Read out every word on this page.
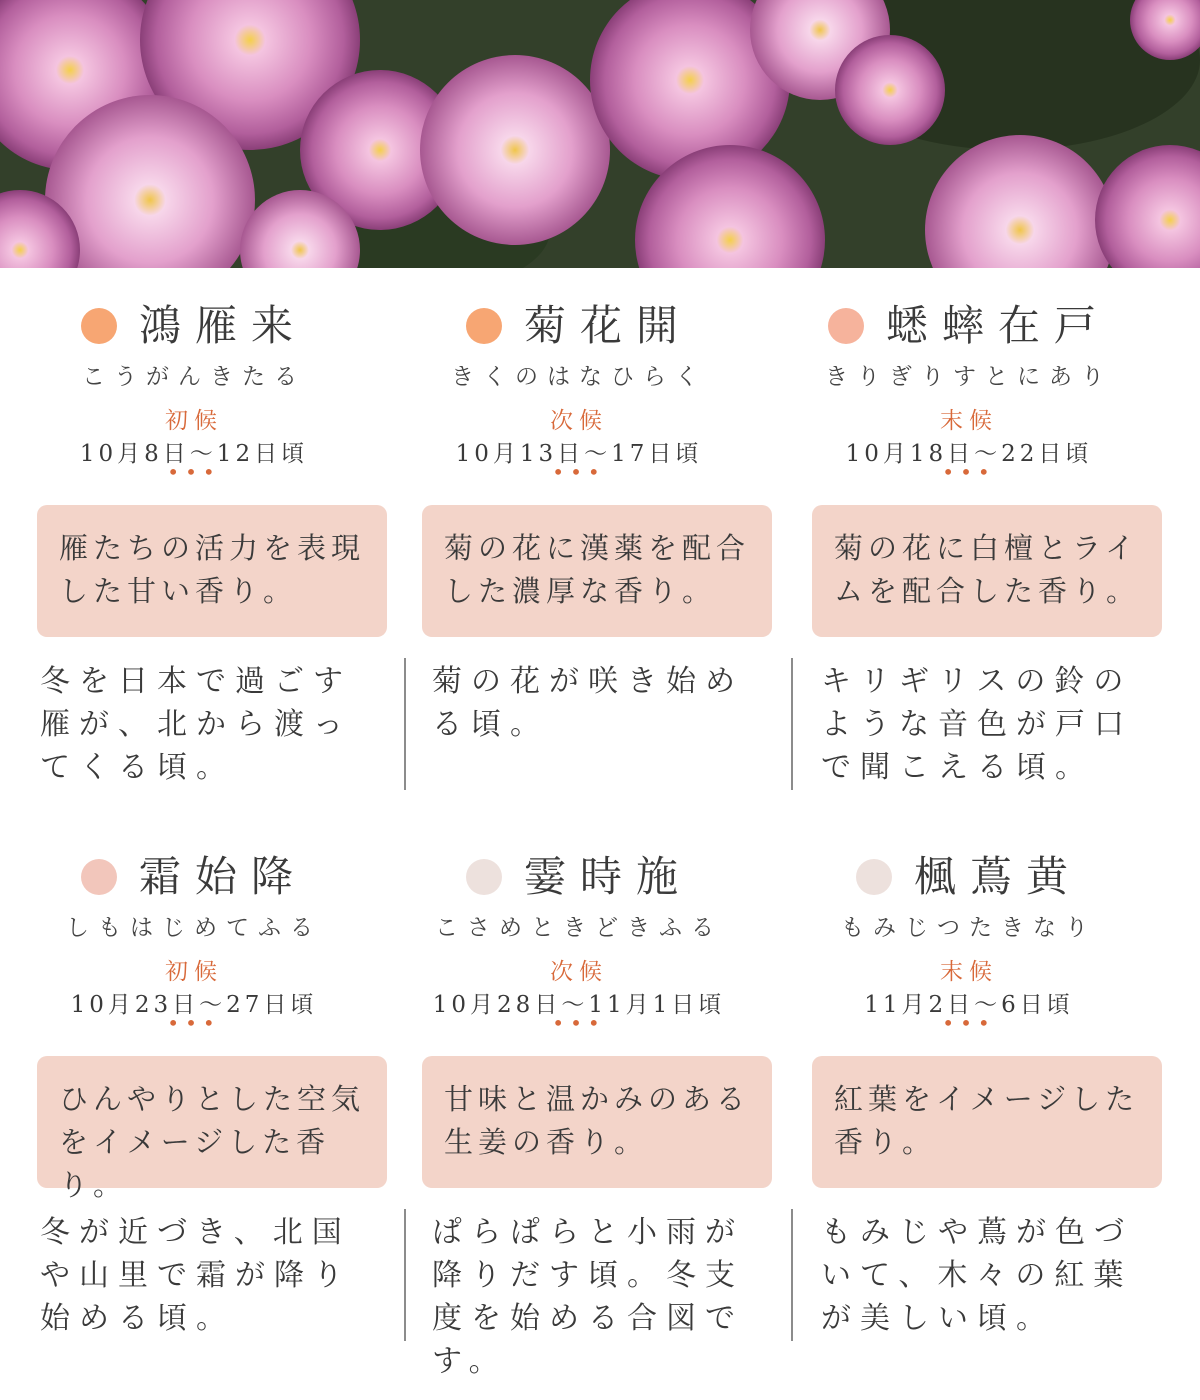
鴻雁来
こうがんきたる
初候
10月8日～12日頃
•••
雁たちの活力を表現した甘い香り。
冬を日本で過ごす雁が、北から渡ってくる頃。
菊花開
きくのはなひらく
次候
10月13日～17日頃
•••
菊の花に漢薬を配合した濃厚な香り。
菊の花が咲き始める頃。
蟋蟀在戸
きりぎりすとにあり
末候
10月18日～22日頃
•••
菊の花に白檀とライムを配合した香り。
キリギリスの鈴のような音色が戸口で聞こえる頃。
霜始降
しもはじめてふる
初候
10月23日～27日頃
•••
ひんやりとした空気をイメージした香り。
冬が近づき、北国や山里で霜が降り始める頃。
霎時施
こさめときどきふる
次候
10月28日～11月1日頃
•••
甘味と温かみのある生姜の香り。
ぱらぱらと小雨が降りだす頃。冬支度を始める合図です。
楓蔦黄
もみじつたきなり
末候
11月2日～6日頃
•••
紅葉をイメージした香り。
もみじや蔦が色づいて、木々の紅葉が美しい頃。
